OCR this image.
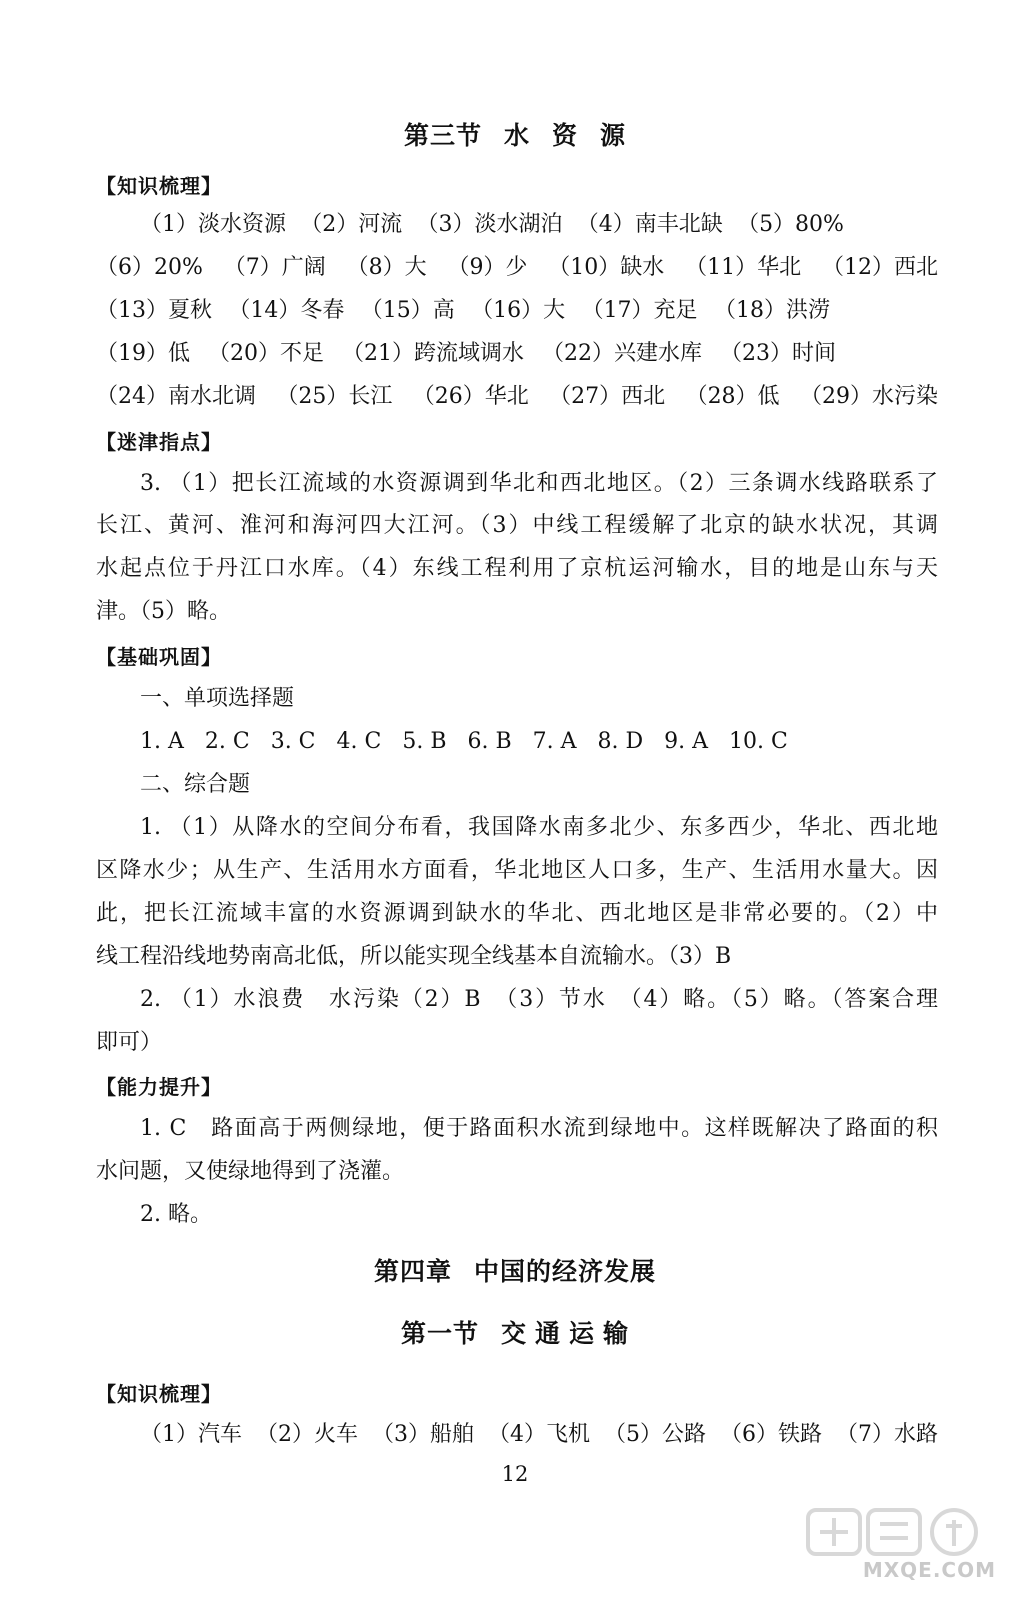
第三节 水 资 源
【知识梳理】
（1）淡水资源 （2）河流 （3）淡水湖泊 （4）南丰北缺 （5）80%
（6）20% （7）广阔 （8）大 （9）少 （10）缺水 （11）华北 （12）西北
（13）夏秋 （14）冬春 （15）高 （16）大 （17）充足 （18）洪涝
（19）低 （20）不足 （21）跨流域调水 （22）兴建水库 （23）时间
（24）南水北调 （25）长江 （26）华北 （27）西北 （28）低 （29）水污染
【迷津指点】
3. （1）把长江流域的水资源调到华北和西北地区。（2）三条调水线路联系了
长江、黄河、淮河和海河四大江河。（3）中线工程缓解了北京的缺水状况，其调
水起点位于丹江口水库。（4）东线工程利用了京杭运河输水，目的地是山东与天
津。（5）略。
【基础巩固】
一、单项选择题
1. A 2. C 3. C 4. C 5. B 6. B 7. A 8. D 9. A 10. C
二、综合题
1. （1）从降水的空间分布看，我国降水南多北少、东多西少，华北、西北地
区降水少；从生产、生活用水方面看，华北地区人口多，生产、生活用水量大。因
此，把长江流域丰富的水资源调到缺水的华北、西北地区是非常必要的。（2）中
线工程沿线地势南高北低，所以能实现全线基本自流输水。（3）B
2. （1）水浪费　水污染（2）B　（3）节水　（4）略。（5）略。（答案合理
即可）
【能力提升】
1. C　路面高于两侧绿地，便于路面积水流到绿地中。这样既解决了路面的积
水问题，又使绿地得到了浇灌。
2. 略。
第四章 中国的经济发展
第一节 交 通 运 输
【知识梳理】
（1）汽车 （2）火车 （3）船舶 （4）飞机 （5）公路 （6）铁路 （7）水路
12
MXQE.COM
